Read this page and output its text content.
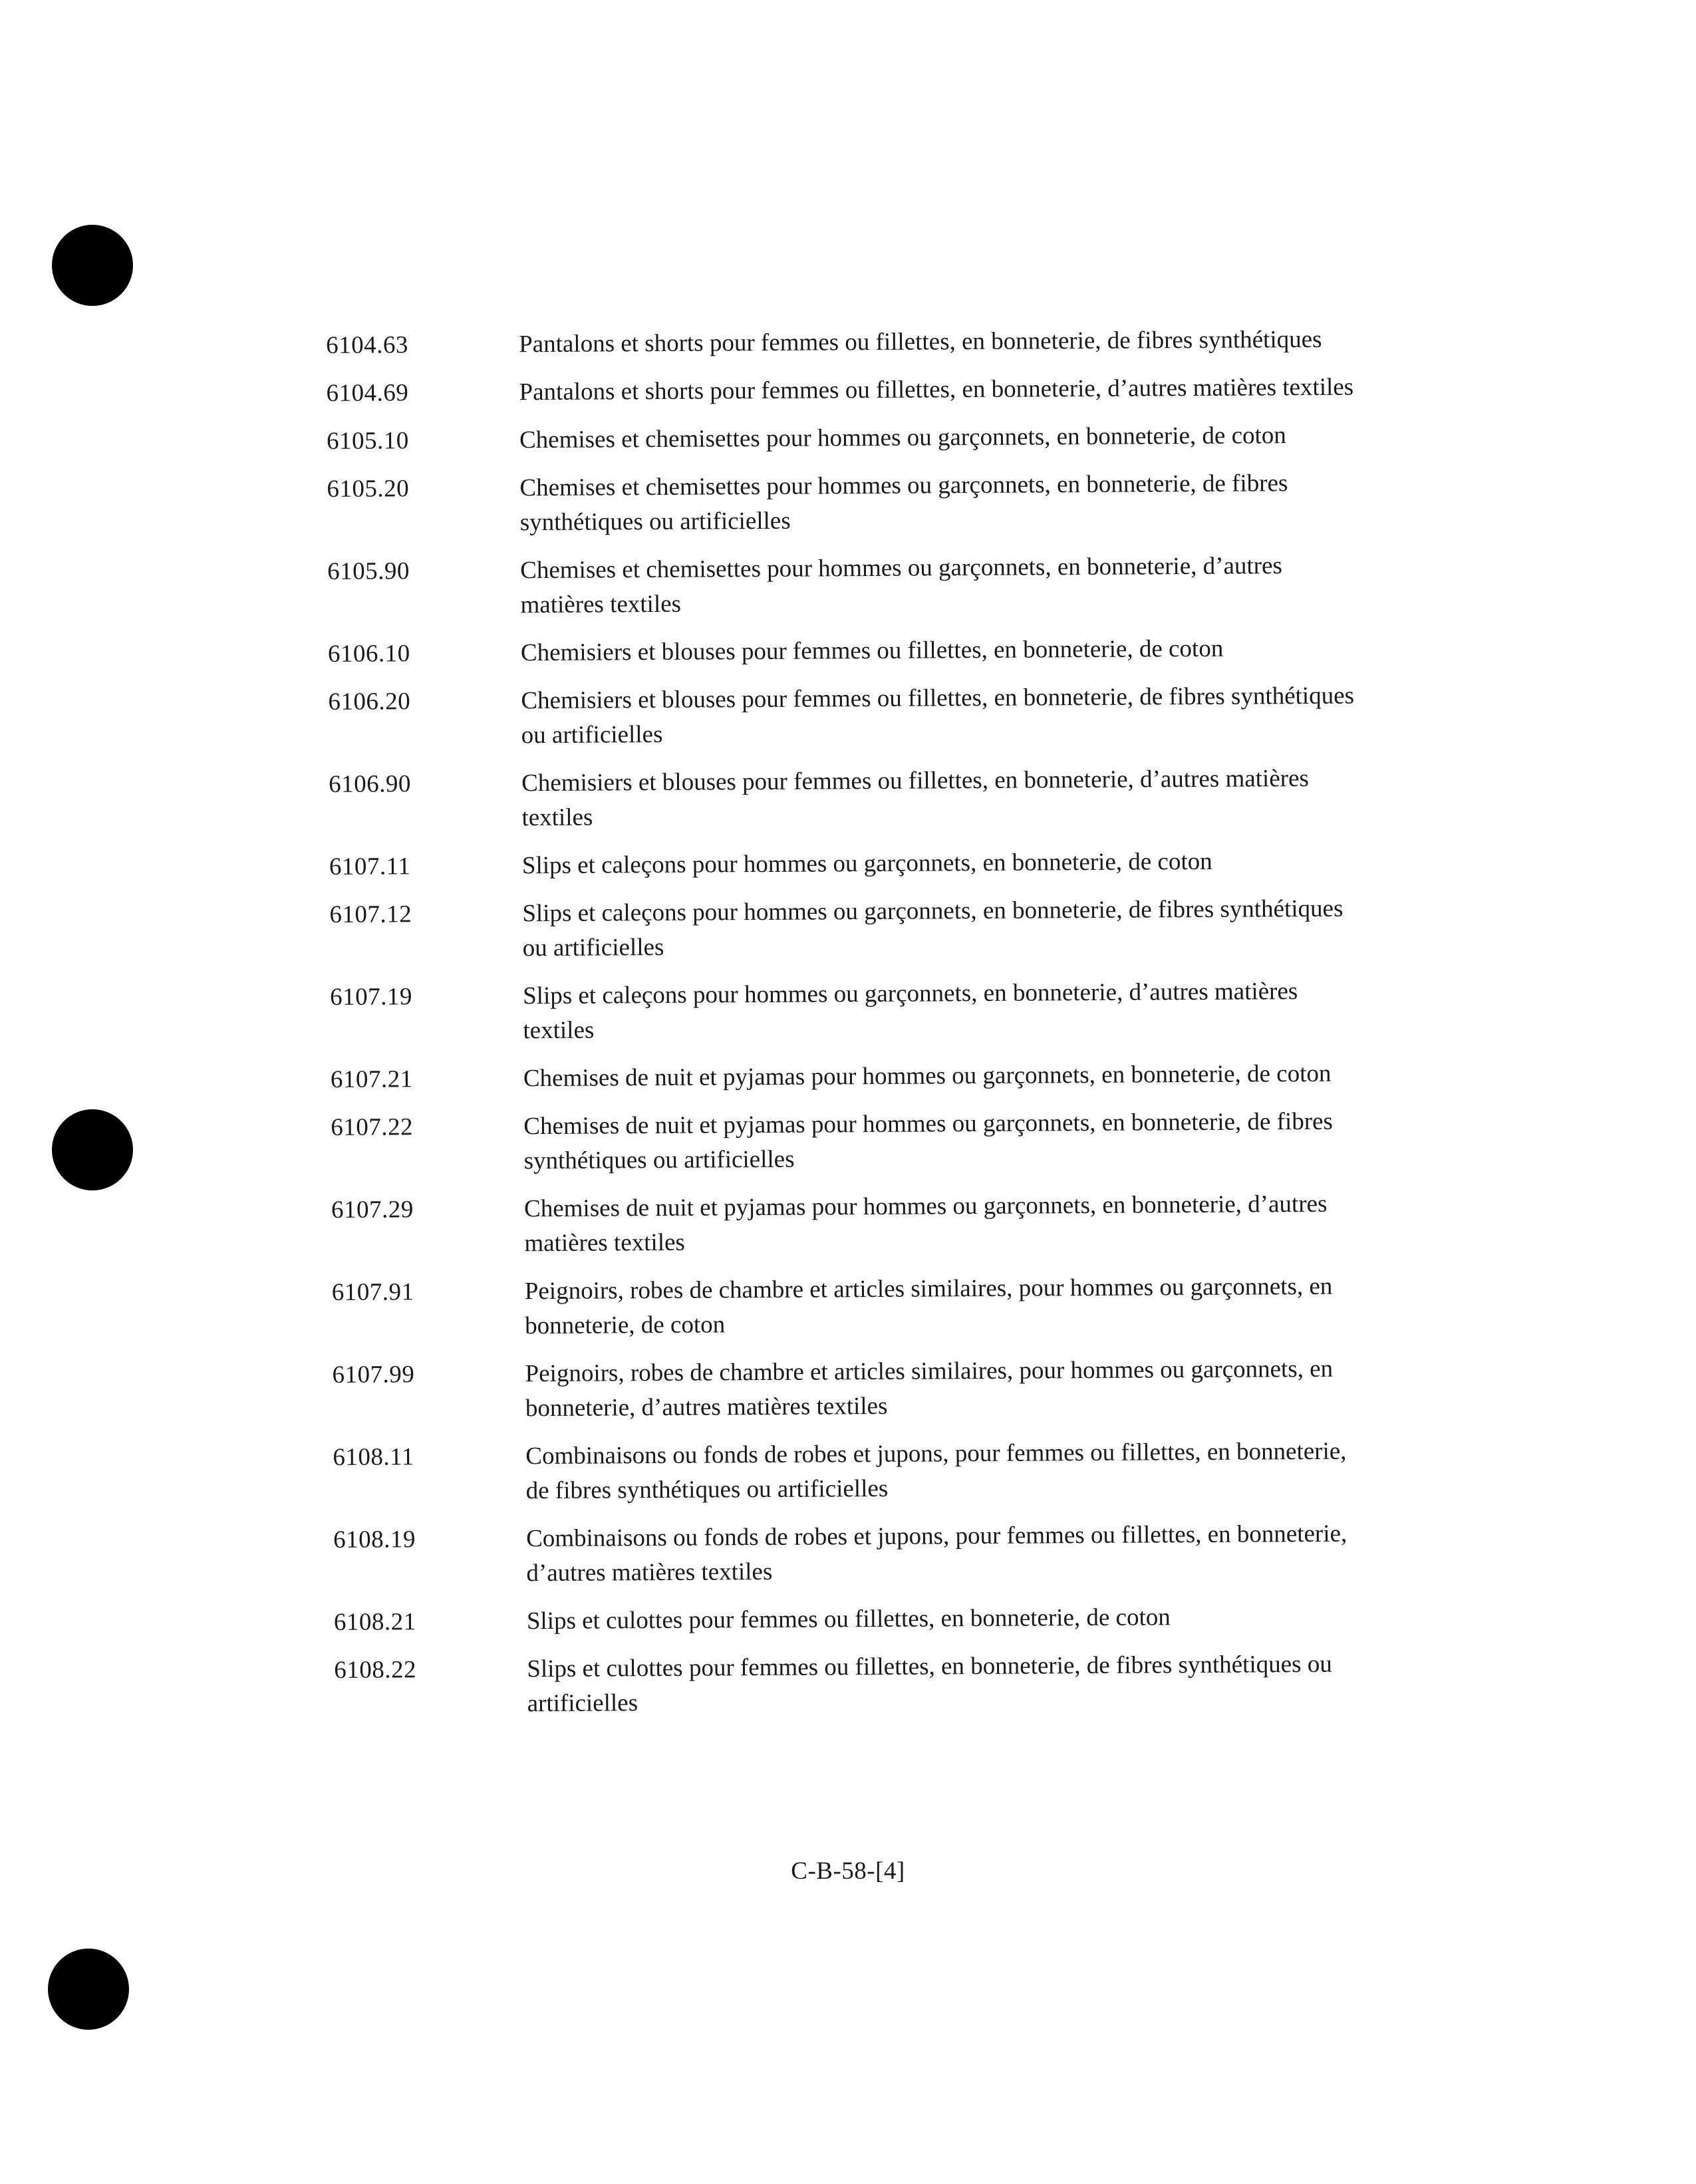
6104.63	Pantalons et shorts pour femmes ou fillettes, en bonneterie, de fibres synthétiques
6104.69	Pantalons et shorts pour femmes ou fillettes, en bonneterie, d’autres matières textiles
6105.10	Chemises et chemisettes pour hommes ou garçonnets, en bonneterie, de coton
6105.20	Chemises et chemisettes pour hommes ou garçonnets, en bonneterie, de fibres synthétiques ou artificielles
6105.90	Chemises et chemisettes pour hommes ou garçonnets, en bonneterie, d’autres matières textiles
6106.10	Chemisiers et blouses pour femmes ou fillettes, en bonneterie, de coton
6106.20	Chemisiers et blouses pour femmes ou fillettes, en bonneterie, de fibres synthétiques ou artificielles
6106.90	Chemisiers et blouses pour femmes ou fillettes, en bonneterie, d’autres matières textiles
6107.11	Slips et caleçons pour hommes ou garçonnets, en bonneterie, de coton
6107.12	Slips et caleçons pour hommes ou garçonnets, en bonneterie, de fibres synthétiques ou artificielles
6107.19	Slips et caleçons pour hommes ou garçonnets, en bonneterie, d’autres matières textiles
6107.21	Chemises de nuit et pyjamas pour hommes ou garçonnets, en bonneterie, de coton
6107.22	Chemises de nuit et pyjamas pour hommes ou garçonnets, en bonneterie, de fibres synthétiques ou artificielles
6107.29	Chemises de nuit et pyjamas pour hommes ou garçonnets, en bonneterie, d’autres matières textiles
6107.91	Peignoirs, robes de chambre et articles similaires, pour hommes ou garçonnets, en bonneterie, de coton
6107.99	Peignoirs, robes de chambre et articles similaires, pour hommes ou garçonnets, en bonneterie, d’autres matières textiles
6108.11	Combinaisons ou fonds de robes et jupons, pour femmes ou fillettes, en bonneterie, de fibres synthétiques ou artificielles
6108.19	Combinaisons ou fonds de robes et jupons, pour femmes ou fillettes, en bonneterie, d’autres matières textiles
6108.21	Slips et culottes pour femmes ou fillettes, en bonneterie, de coton
6108.22	Slips et culottes pour femmes ou fillettes, en bonneterie, de fibres synthétiques ou artificielles
C-B-58-[4]
